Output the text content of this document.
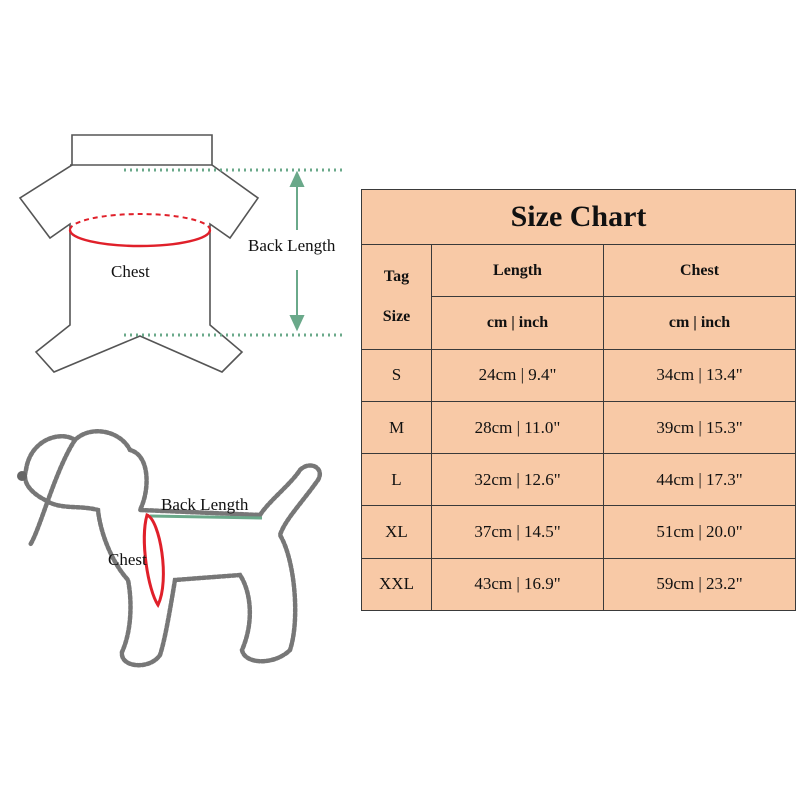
Chest
Back Length
Back Length
Chest
Size Chart		
Tag
Size	Length	Chest
	cm | inch	cm | inch
S	24cm | 9.4"	34cm | 13.4"
M	28cm | 11.0"	39cm | 15.3"
L	32cm | 12.6"	44cm | 17.3"
XL	37cm | 14.5"	51cm | 20.0"
XXL	43cm | 16.9"	59cm | 23.2"
